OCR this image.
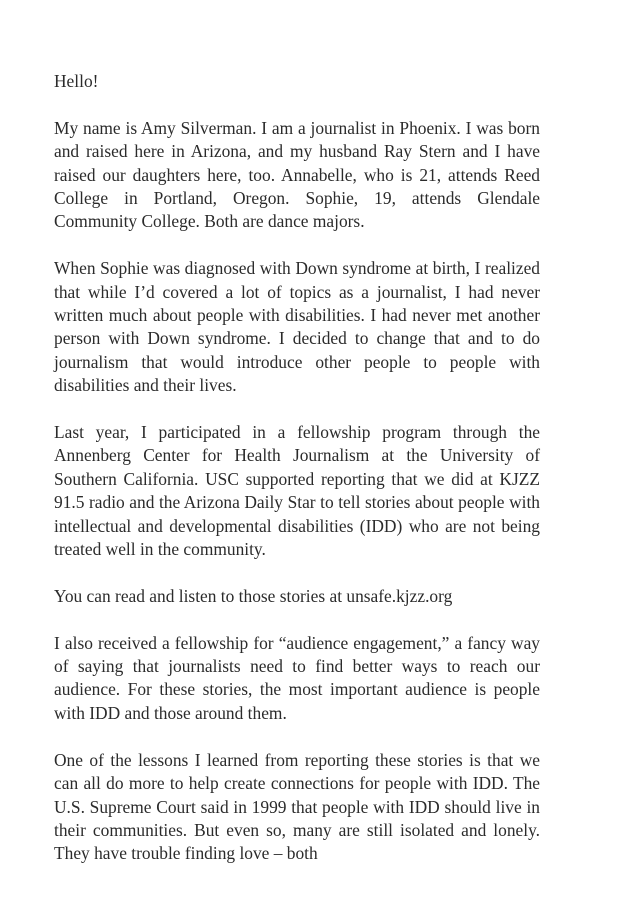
Hello!

My name is Amy Silverman. I am a journalist in Phoenix. I was born and raised here in Arizona, and my husband Ray Stern and I have raised our daughters here, too. Annabelle, who is 21, attends Reed College in Portland, Oregon. Sophie, 19, attends Glendale Community College. Both are dance majors.

When Sophie was diagnosed with Down syndrome at birth, I realized that while I’d covered a lot of topics as a journalist, I had never written much about people with disabilities. I had never met another person with Down syndrome. I decided to change that and to do journalism that would introduce other people to people with disabilities and their lives.

Last year, I participated in a fellowship program through the Annenberg Center for Health Journalism at the University of Southern California. USC supported reporting that we did at KJZZ 91.5 radio and the Arizona Daily Star to tell stories about people with intellectual and developmental disabilities (IDD) who are not being treated well in the community.

You can read and listen to those stories at unsafe.kjzz.org

I also received a fellowship for “audience engagement,” a fancy way of saying that journalists need to find better ways to reach our audience. For these stories, the most important audience is people with IDD and those around them.

One of the lessons I learned from reporting these stories is that we can all do more to help create connections for people with IDD. The U.S. Supreme Court said in 1999 that people with IDD should live in their communities. But even so, many are still isolated and lonely. They have trouble finding love – both
